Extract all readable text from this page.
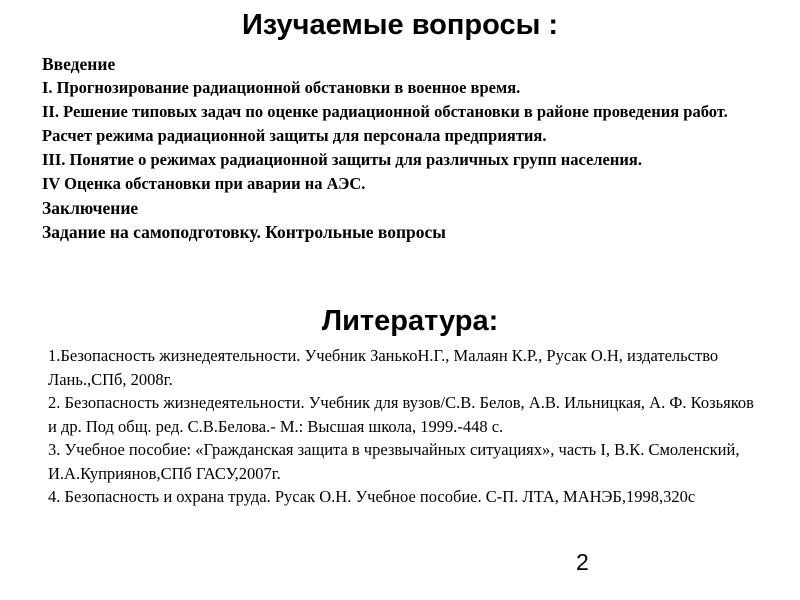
Изучаемые вопросы :
Введение
I. Прогнозирование радиационной обстановки в военное время.
II. Решение типовых задач по оценке радиационной обстановки в районе проведения работ. Расчет режима радиационной защиты для персонала предприятия.
III. Понятие о режимах радиационной защиты для различных групп населения.
IV Оценка обстановки при аварии на АЭС.
Заключение
Задание на самоподготовку. Контрольные вопросы
Литература:
1.Безопасность жизнедеятельности. Учебник ЗанькоН.Г., Малаян К.Р., Русак О.Н, издательство Лань.,СПб, 2008г.
2. Безопасность жизнедеятельности. Учебник для вузов/С.В. Белов, А.В. Ильницкая, А. Ф. Козьяков и др. Под общ. ред. С.В.Белова.- М.: Высшая школа, 1999.-448 с.
3. Учебное пособие: «Гражданская защита в чрезвычайных ситуациях», часть I, В.К. Смоленский, И.А.Куприянов,СПб ГАСУ,2007г.
4. Безопасность и охрана труда. Русак О.Н. Учебное пособие. С-П. ЛТА, МАНЭБ,1998,320с
2
